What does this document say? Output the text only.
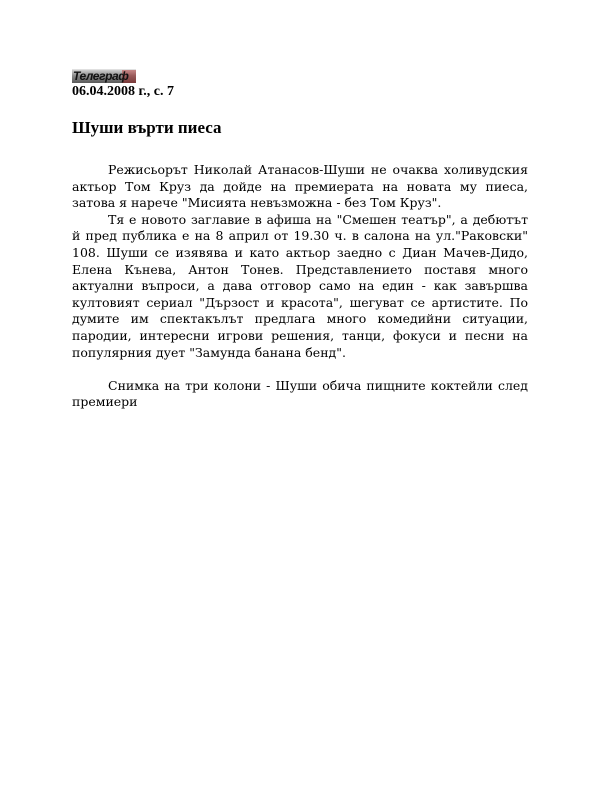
Телеграф
06.04.2008 г., с. 7
Шуши върти пиеса

Режисьорът Николай Атанасов-Шуши не очаква холивудския актьор Том Круз да дойде на премиерата на новата му пиеса, затова я нарече "Мисията невъзможна - без Том Круз".

Тя е новото заглавие в афиша на "Смешен театър", а дебютът й пред публика е на 8 април от 19.30 ч. в салона на ул."Раковски" 108. Шуши се изявява и като актьор заедно с Диан Мачев-Дидо, Елена Кънева, Антон Тонев. Представлението поставя много актуални въпроси, а дава отговор само на един - как завършва култовият сериал "Дързост и красота", шегуват се артистите. По думите им спектакълът предлага много комедийни ситуации, пародии, интересни игрови решения, танци, фокуси и песни на популярния дует "Замунда банана бенд".

Снимка на три колони - Шуши обича пищните коктейли след премиери
